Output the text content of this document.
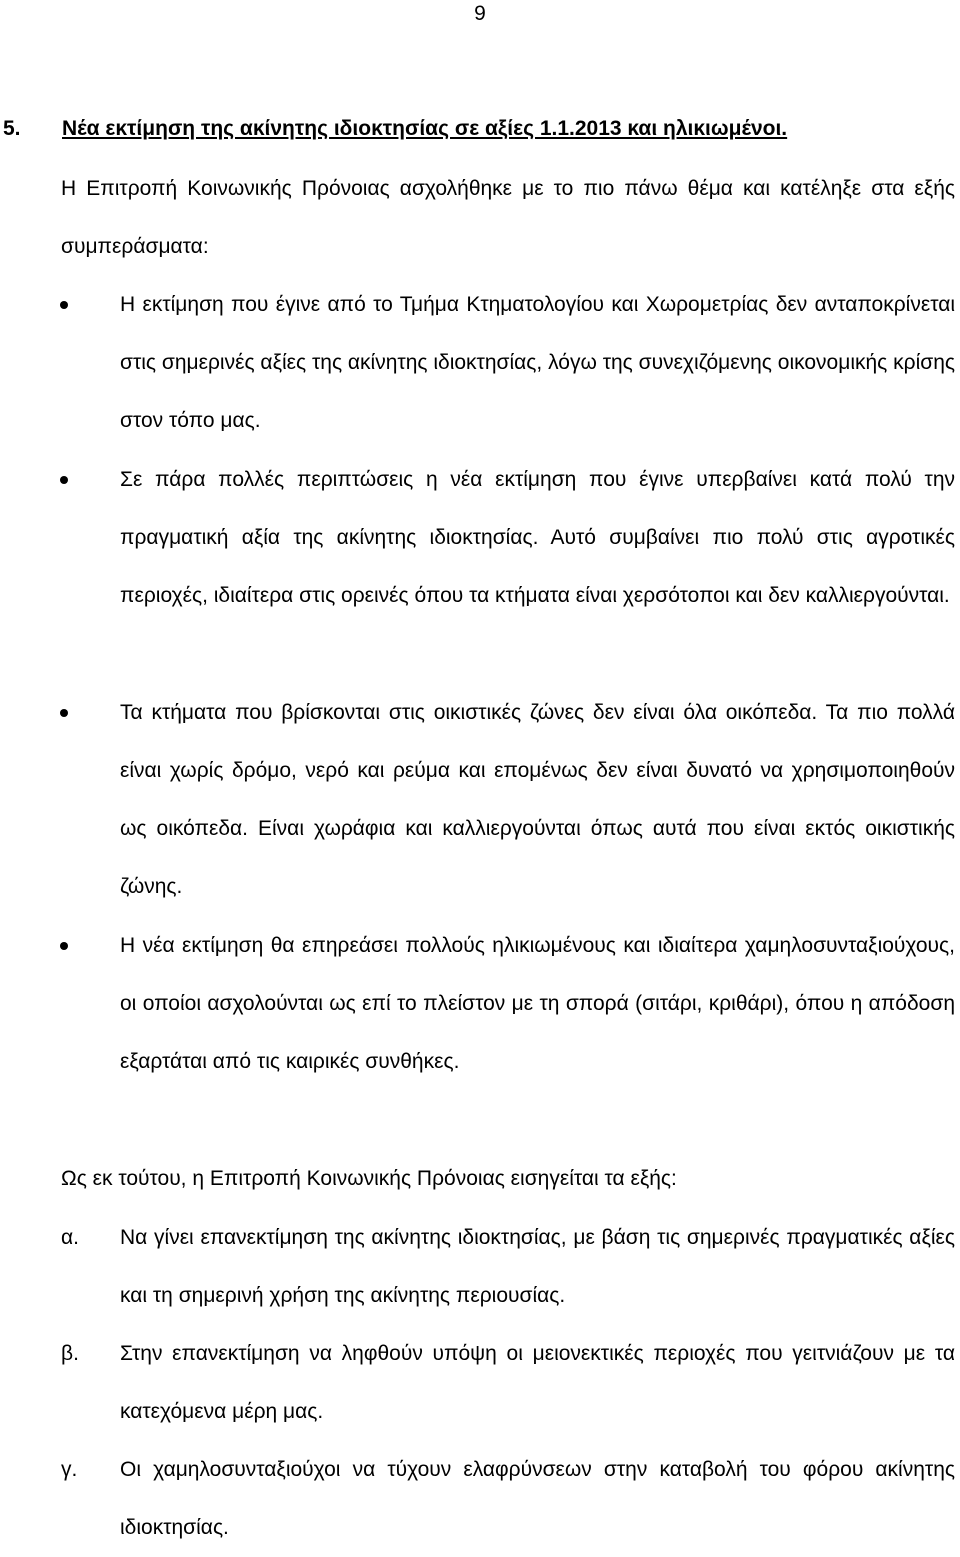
9
5. Νέα εκτίμηση της ακίνητης ιδιοκτησίας σε αξίες 1.1.2013 και ηλικιωμένοι.

Η Επιτροπή Κοινωνικής Πρόνοιας ασχολήθηκε με το πιο πάνω θέμα και κατέληξε στα εξής συμπεράσματα:

Η εκτίμηση που έγινε από το Τμήμα Κτηματολογίου και Χωρομετρίας δεν ανταποκρίνεται στις σημερινές αξίες της ακίνητης ιδιοκτησίας, λόγω της συνεχιζόμενης οικονομικής κρίσης στον τόπο μας.

Σε πάρα πολλές περιπτώσεις η νέα εκτίμηση που έγινε υπερβαίνει κατά πολύ την πραγματική αξία της ακίνητης ιδιοκτησίας. Αυτό συμβαίνει πιο πολύ στις αγροτικές περιοχές, ιδιαίτερα στις ορεινές όπου τα κτήματα είναι χερσότοποι και δεν καλλιεργούνται.

Τα κτήματα που βρίσκονται στις οικιστικές ζώνες δεν είναι όλα οικόπεδα. Τα πιο πολλά είναι χωρίς δρόμο, νερό και ρεύμα και επομένως δεν είναι δυνατό να χρησιμοποιηθούν ως οικόπεδα. Είναι χωράφια και καλλιεργούνται όπως αυτά που είναι εκτός οικιστικής ζώνης.

Η νέα εκτίμηση θα επηρεάσει πολλούς ηλικιωμένους και ιδιαίτερα χαμηλοσυνταξιούχους, οι οποίοι ασχολούνται ως επί το πλείστον με τη σπορά (σιτάρι, κριθάρι), όπου η απόδοση εξαρτάται από τις καιρικές συνθήκες.

Ως εκ τούτου, η Επιτροπή Κοινωνικής Πρόνοιας εισηγείται τα εξής:

α. Να γίνει επανεκτίμηση της ακίνητης ιδιοκτησίας, με βάση τις σημερινές πραγματικές αξίες και τη σημερινή χρήση της ακίνητης περιουσίας.

β. Στην επανεκτίμηση να ληφθούν υπόψη οι μειονεκτικές περιοχές που γειτνιάζουν με τα κατεχόμενα μέρη μας.

γ. Οι χαμηλοσυνταξιούχοι να τύχουν ελαφρύνσεων στην καταβολή του φόρου ακίνητης ιδιοκτησίας.
